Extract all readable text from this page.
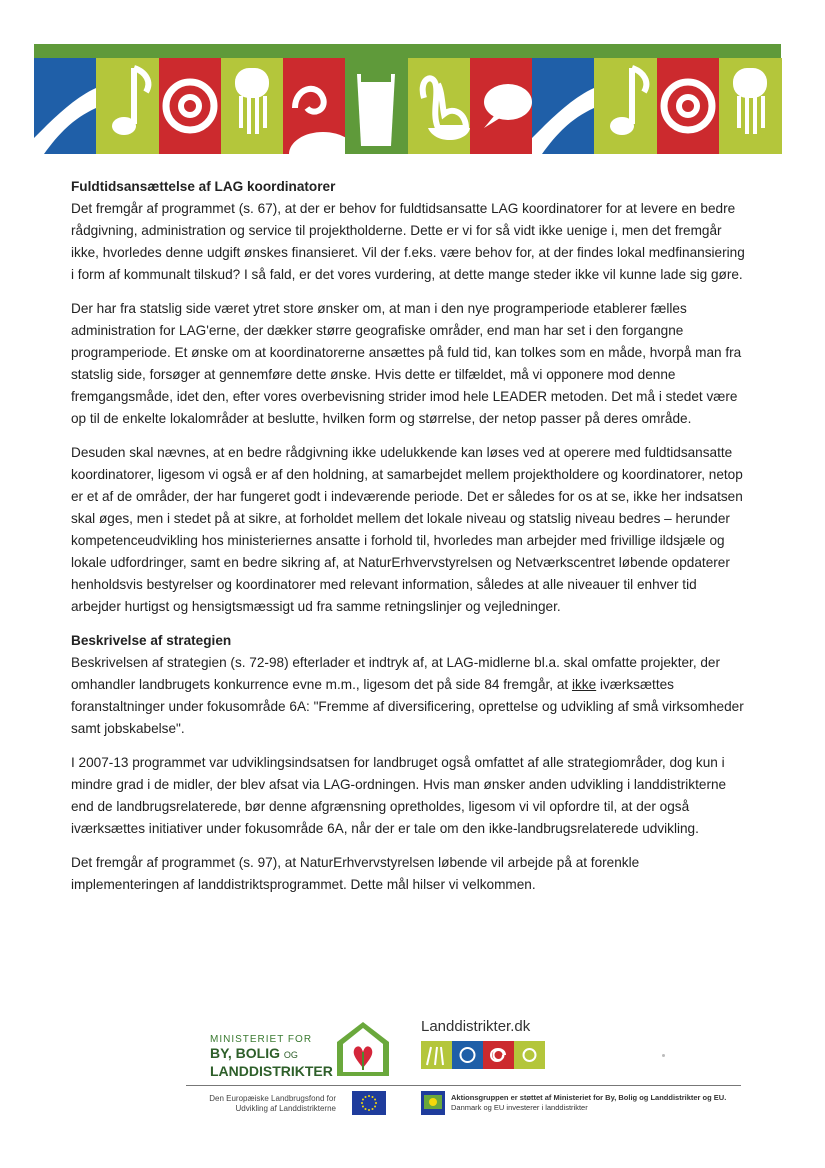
Fuldtidsansættelse af LAG koordinatorer

Det fremgår af programmet (s. 67), at der er behov for fuldtidsansatte LAG koordinatorer for at levere en bedre rådgivning, administration og service til projektholderne. Dette er vi for så vidt ikke uenige i, men det fremgår ikke, hvorledes denne udgift ønskes finansieret. Vil der f.eks. være behov for, at der findes lokal medfinansiering i form af kommunalt tilskud? I så fald, er det vores vurdering, at dette mange steder ikke vil kunne lade sig gøre.

Der har fra statslig side været ytret store ønsker om, at man i den nye programperiode etablerer fælles administration for LAG'erne, der dækker større geografiske områder, end man har set i den forgangne programperiode. Et ønske om at koordinatorerne ansættes på fuld tid, kan tolkes som en måde, hvorpå man fra statslig side, forsøger at gennemføre dette ønske. Hvis dette er tilfældet, må vi opponere mod denne fremgangsmåde, idet den, efter vores overbevisning strider imod hele LEADER metoden. Det må i stedet være op til de enkelte lokalområder at beslutte, hvilken form og størrelse, der netop passer på deres område.

Desuden skal nævnes, at en bedre rådgivning ikke udelukkende kan løses ved at operere med fuldtidsansatte koordinatorer, ligesom vi også er af den holdning, at samarbejdet mellem projektholdere og koordinatorer, netop er et af de områder, der har fungeret godt i indeværende periode. Det er således for os at se, ikke her indsatsen skal øges, men i stedet på at sikre, at forholdet mellem det lokale niveau og statslig niveau bedres – herunder kompetenceudvikling hos ministeriernes ansatte i forhold til, hvorledes man arbejder med frivillige ildsjæle og lokale udfordringer, samt en bedre sikring af, at NaturErhvervstyrelsen og Netværkscentret løbende opdaterer henholdsvis bestyrelser og koordinatorer med relevant information, således at alle niveauer til enhver tid arbejder hurtigst og hensigtsmæssigt ud fra samme retningslinjer og vejledninger.

Beskrivelse af strategien

Beskrivelsen af strategien (s. 72-98) efterlader et indtryk af, at LAG-midlerne bl.a. skal omfatte projekter, der omhandler landbrugets konkurrence evne m.m., ligesom det på side 84 fremgår, at ikke iværksættes foranstaltninger under fokusområde 6A: "Fremme af diversificering, oprettelse og udvikling af små virksomheder samt jobskabelse".

I 2007-13 programmet var udviklingsindsatsen for landbruget også omfattet af alle strategiområder, dog kun i mindre grad i de midler, der blev afsat via LAG-ordningen. Hvis man ønsker anden udvikling i landdistrikterne end de landbrugsrelaterede, bør denne afgrænsning opretholdes, ligesom vi vil opfordre til, at der også iværksættes initiativer under fokusområde 6A, når der er tale om den ikke-landbrugsrelaterede udvikling.

Det fremgår af programmet (s. 97), at NaturErhvervstyrelsen løbende vil arbejde på at forenkle implementeringen af landdistriktsprogrammet. Dette mål hilser vi velkommen.

MINISTERIET FOR
BY, BOLIG OG
LANDDISTRIKTER
Landdistrikter.dk
Den Europæiske Landbrugsfond for
Udvikling af Landdistrikterne
Aktionsgruppen er støttet af Ministeriet for By, Bolig og Landdistrikter og EU.
Danmark og EU investerer i landdistrikter
